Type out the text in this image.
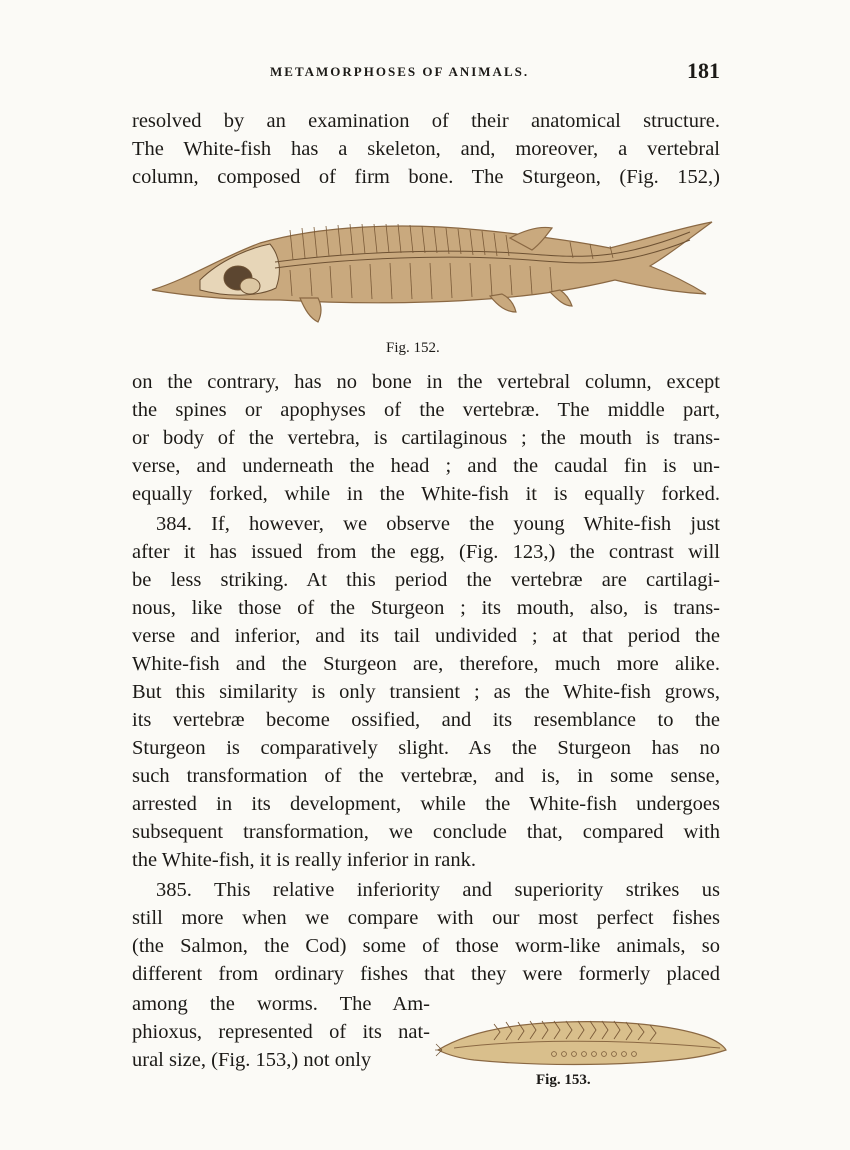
METAMORPHOSES OF ANIMALS.	181
resolved by an examination of their anatomical structure.
The White-fish has a skeleton, and, moreover, a vertebral
column, composed of firm bone. The Sturgeon, (Fig. 152,)
Fig. 152.
on the contrary, has no bone in the vertebral column, except
the spines or apophyses of the vertebræ. The middle part,
or body of the vertebra, is cartilaginous ; the mouth is trans-
verse, and underneath the head ; and the caudal fin is un-
equally forked, while in the White-fish it is equally forked.
384. If, however, we observe the young White-fish just
after it has issued from the egg, (Fig. 123,) the contrast will
be less striking. At this period the vertebræ are cartilagi-
nous, like those of the Sturgeon ; its mouth, also, is trans-
verse and inferior, and its tail undivided ; at that period the
White-fish and the Sturgeon are, therefore, much more alike.
But this similarity is only transient ; as the White-fish grows,
its vertebræ become ossified, and its resemblance to the
Sturgeon is comparatively slight. As the Sturgeon has no
such transformation of the vertebræ, and is, in some sense,
arrested in its development, while the White-fish undergoes
subsequent transformation, we conclude that, compared with
the White-fish, it is really inferior in rank.
385. This relative inferiority and superiority strikes us
still more when we compare with our most perfect fishes
(the Salmon, the Cod) some of those worm-like animals, so
different from ordinary fishes that they were formerly placed
among the worms. The Am-
phioxus, represented of its nat-
ural size, (Fig. 153,) not only
Fig. 153.
